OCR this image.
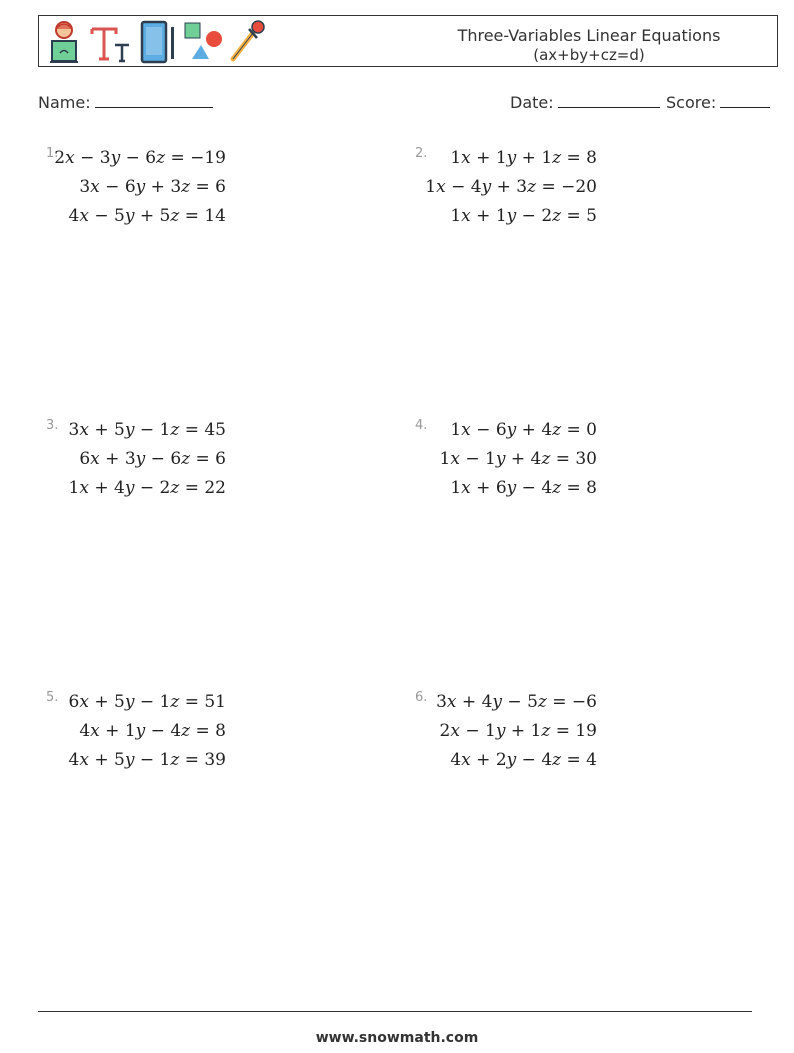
Three-Variables Linear Equations
(ax+by+cz=d)
Name:	Date:	Score:
1.
2x − 3y − 6z = −19
3x − 6y + 3z = 6
4x − 5y + 5z = 14
2. 1x + 1y + 1z = 8
1x − 4y + 3z = −20
1x + 1y − 2z = 5
3. 3x + 5y − 1z = 45
6x + 3y − 6z = 6
1x + 4y − 2z = 22
4. 1x − 6y + 4z = 0
1x − 1y + 4z = 30
1x + 6y − 4z = 8
5. 6x + 5y − 1z = 51
4x + 1y − 4z = 8
4x + 5y − 1z = 39
6. 3x + 4y − 5z = −6
2x − 1y + 1z = 19
4x + 2y − 4z = 4
www.snowmath.com
